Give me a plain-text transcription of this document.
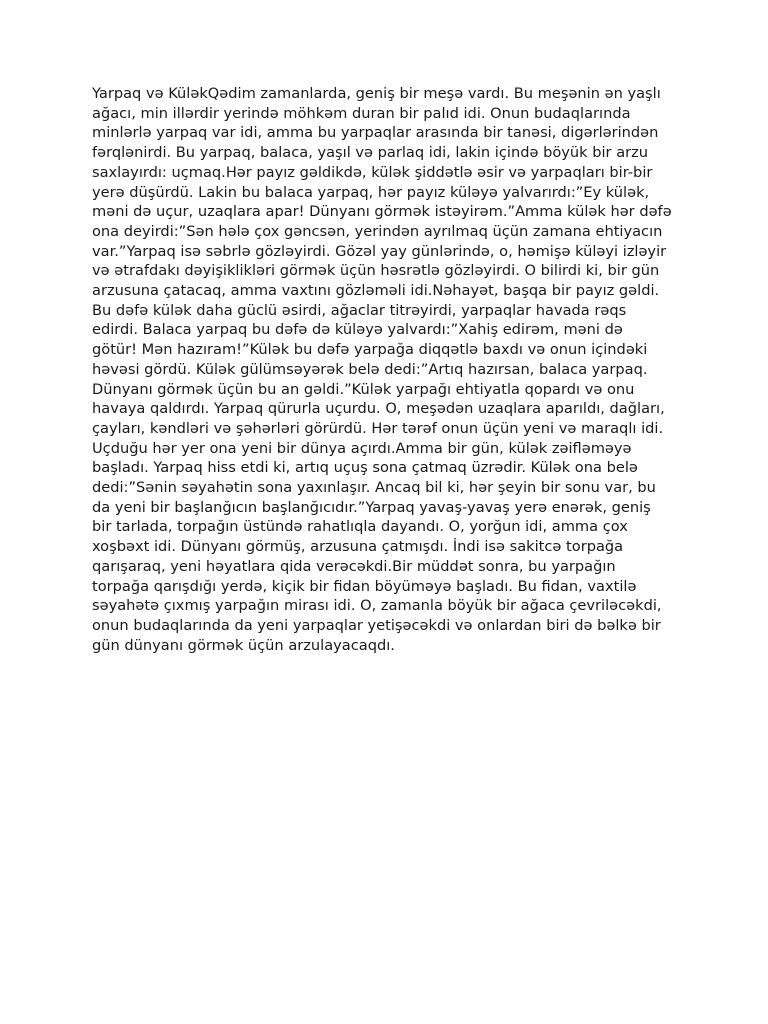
Yarpaq və KüləkQədim zamanlarda, geniş bir meşə vardı. Bu meşənin ən yaşlı ağacı, min illərdir yerində möhkəm duran bir palıd idi. Onun budaqlarında minlərlə yarpaq var idi, amma bu yarpaqlar arasında bir tanəsi, digərlərindən fərqlənirdi. Bu yarpaq, balaca, yaşıl və parlaq idi, lakin içində böyük bir arzu saxlayırdı: uçmaq.Hər payız gəldikdə, külək şiddətlə əsir və yarpaqları bir-bir yerə düşürdü. Lakin bu balaca yarpaq, hər payız küləyə yalvarırdı:”Ey külək, məni də uçur, uzaqlara apar! Dünyanı görmək istəyirəm.”Amma külək hər dəfə ona deyirdi:”Sən hələ çox gəncsən, yerindən ayrılmaq üçün zamana ehtiyacın var.”Yarpaq isə səbrlə gözləyirdi. Gözəl yay günlərində, o, həmişə küləyi izləyir və ətrafdakı dəyişiklikləri görmək üçün həsrətlə gözləyirdi. O bilirdi ki, bir gün arzusuna çatacaq, amma vaxtını gözləməli idi.Nəhayət, başqa bir payız gəldi. Bu dəfə külək daha güclü əsirdi, ağaclar titrəyirdi, yarpaqlar havada rəqs edirdi. Balaca yarpaq bu dəfə də küləyə yalvardı:”Xahiş edirəm, məni də götür! Mən hazıram!”Külək bu dəfə yarpağa diqqətlə baxdı və onun içindəki həvəsi gördü. Külək gülümsəyərək belə dedi:”Artıq hazırsan, balaca yarpaq. Dünyanı görmək üçün bu an gəldi.”Külək yarpağı ehtiyatla qopardı və onu havaya qaldırdı. Yarpaq qürurla uçurdu. O, meşədən uzaqlara aparıldı, dağları, çayları, kəndləri və şəhərləri görürdü. Hər tərəf onun üçün yeni və maraqlı idi. Uçduğu hər yer ona yeni bir dünya açırdı.Amma bir gün, külək zəifləməyə başladı. Yarpaq hiss etdi ki, artıq uçuş sona çatmaq üzrədir. Külək ona belə dedi:”Sənin səyahətin sona yaxınlaşır. Ancaq bil ki, hər şeyin bir sonu var, bu da yeni bir başlanğıcın başlanğıcıdır.”Yarpaq yavaş-yavaş yerə enərək, geniş bir tarlada, torpağın üstündə rahatlıqla dayandı. O, yorğun idi, amma çox xoşbəxt idi. Dünyanı görmüş, arzusuna çatmışdı. İndi isə sakitcə torpağa qarışaraq, yeni həyatlara qida verəcəkdi.Bir müddət sonra, bu yarpağın torpağa qarışdığı yerdə, kiçik bir fidan böyüməyə başladı. Bu fidan, vaxtilə səyahətə çıxmış yarpağın mirası idi. O, zamanla böyük bir ağaca çevriləcəkdi, onun budaqlarında da yeni yarpaqlar yetişəcəkdi və onlardan biri də bəlkə bir gün dünyanı görmək üçün arzulayacaqdı.
